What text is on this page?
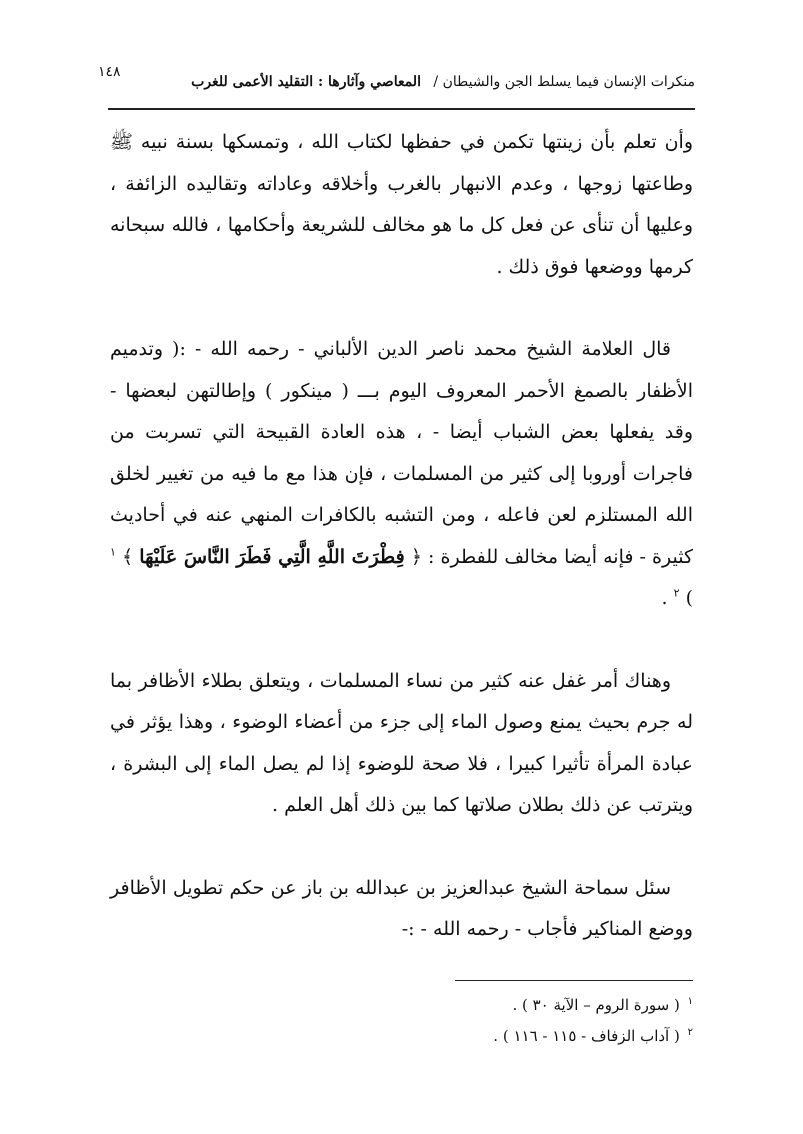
١٤٨
منكرات الإنسان فيما يسلط الجن والشيطان / المعاصي وآثارها : التقليد الأعمى للغرب

وأن تعلم بأن زينتها تكمن في حفظها لكتاب الله ، وتمسكها بسنة نبيه ﷺ وطاعتها زوجها ، وعدم الانبهار بالغرب وأخلاقه وعاداته وتقاليده الزائفة ، وعليها أن تنأى عن فعل كل ما هو مخالف للشريعة وأحكامها ، فالله سبحانه كرمها ووضعها فوق ذلك .

قال العلامة الشيخ محمد ناصر الدين الألباني - رحمه الله - :( وتدميم الأظفار بالصمغ الأحمر المعروف اليوم بـــ ( مينكور ) وإطالتهن لبعضها - وقد يفعلها بعض الشباب أيضا - ، هذه العادة القبيحة التي تسربت من فاجرات أوروبا إلى كثير من المسلمات ، فإن هذا مع ما فيه من تغيير لخلق الله المستلزم لعن فاعله ، ومن التشبه بالكافرات المنهي عنه في أحاديث كثيرة - فإنه أيضا مخالف للفطرة : ﴿ فِطْرَتَ اللَّهِ الَّتِي فَطَرَ النَّاسَ عَلَيْهَا ﴾ $^١$ ) $^٢$ .

وهناك أمر غفل عنه كثير من نساء المسلمات ، ويتعلق بطلاء الأظافر بما له جرم بحيث يمنع وصول الماء إلى جزء من أعضاء الوضوء ، وهذا يؤثر في عبادة المرأة تأثيرا كبيرا ، فلا صحة للوضوء إذا لم يصل الماء إلى البشرة ، ويترتب عن ذلك بطلان صلاتها كما بين ذلك أهل العلم .

سئل سماحة الشيخ عبدالعزيز بن عبدالله بن باز عن حكم تطويل الأظافر ووضع المناكير فأجاب - رحمه الله - :-

$^١$ ( سورة الروم – الآية ٣٠ ) .
$^٢$ ( آداب الزفاف - ١١٥ - ١١٦ ) .
